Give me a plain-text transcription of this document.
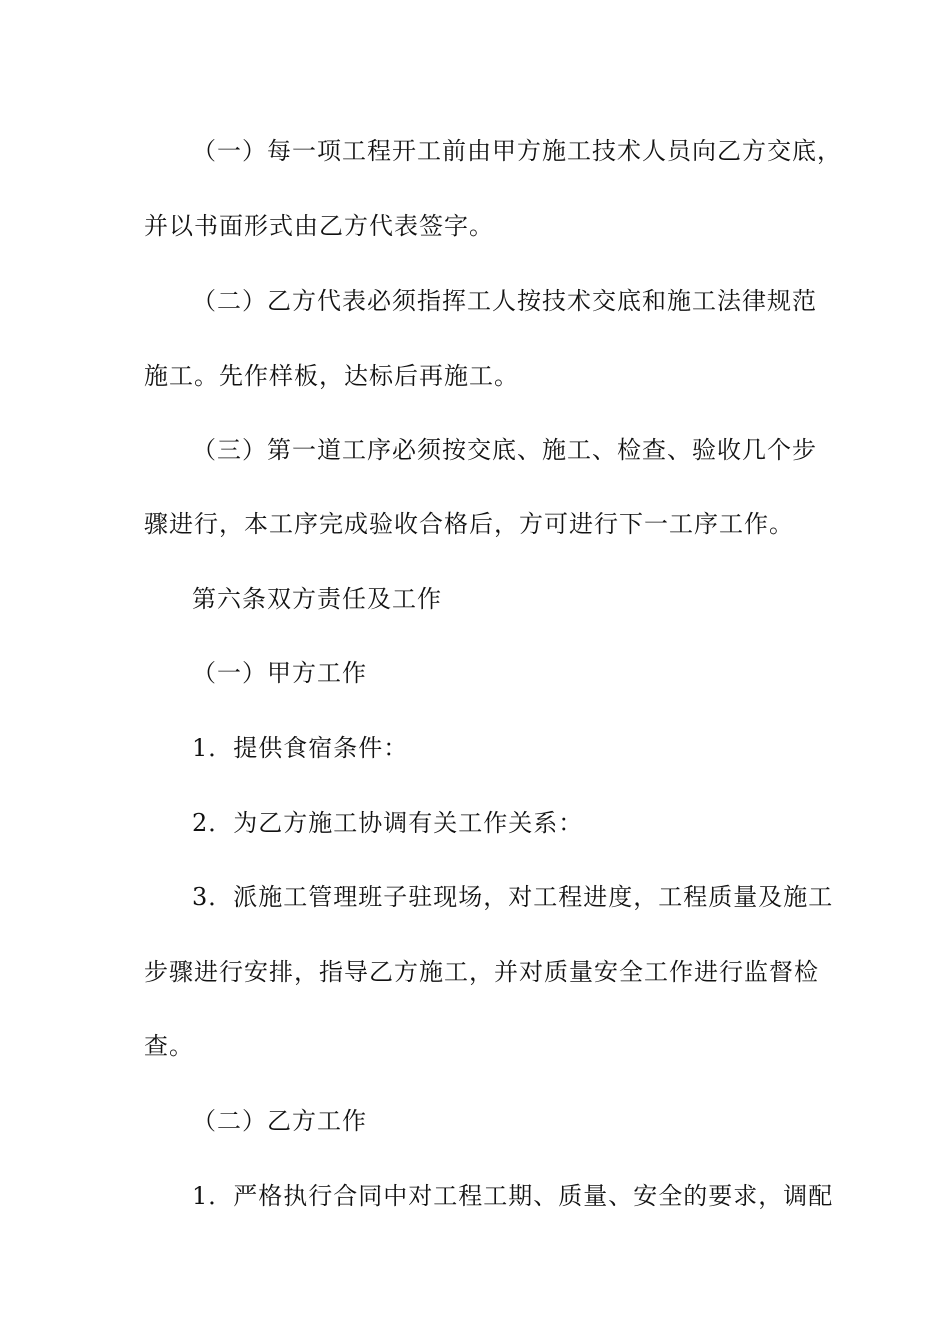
（一）每一项工程开工前由甲方施工技术人员向乙方交底，
并以书面形式由乙方代表签字。
（二）乙方代表必须指挥工人按技术交底和施工法律规范
施工。先作样板，达标后再施工。
（三）第一道工序必须按交底、施工、检查、验收几个步
骤进行，本工序完成验收合格后，方可进行下一工序工作。
第六条双方责任及工作
（一）甲方工作
1．提供食宿条件：
2．为乙方施工协调有关工作关系：
3．派施工管理班子驻现场，对工程进度，工程质量及施工
步骤进行安排，指导乙方施工，并对质量安全工作进行监督检
查。
（二）乙方工作
1．严格执行合同中对工程工期、质量、安全的要求，调配
